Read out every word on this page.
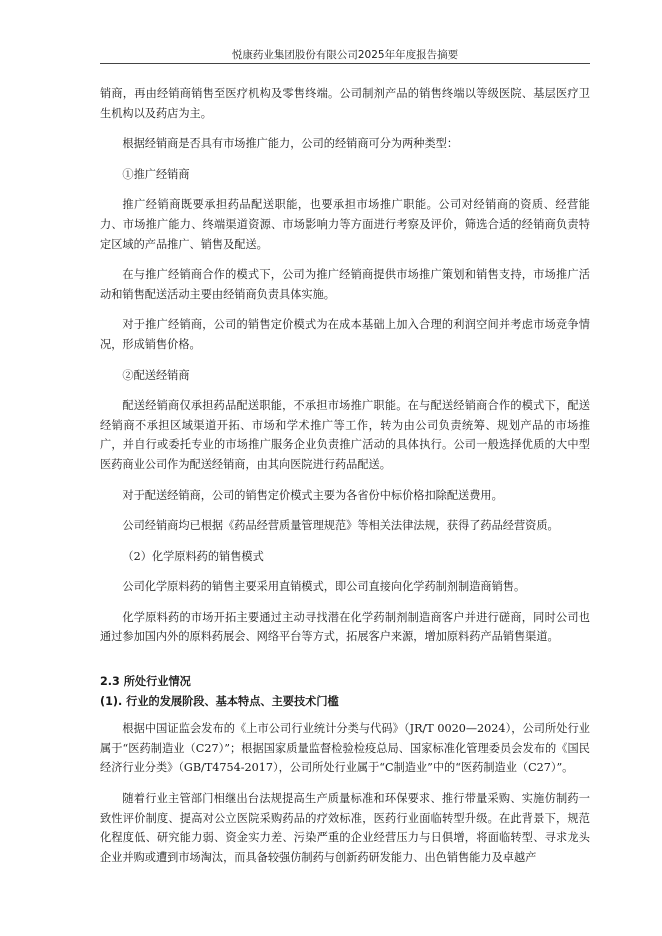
悦康药业集团股份有限公司2025年年度报告摘要

销商，再由经销商销售至医疗机构及零售终端。公司制剂产品的销售终端以等级医院、基层医疗卫生机构以及药店为主。

根据经销商是否具有市场推广能力，公司的经销商可分为两种类型：

①推广经销商

推广经销商既要承担药品配送职能，也要承担市场推广职能。公司对经销商的资质、经营能力、市场推广能力、终端渠道资源、市场影响力等方面进行考察及评价，筛选合适的经销商负责特定区域的产品推广、销售及配送。

在与推广经销商合作的模式下，公司为推广经销商提供市场推广策划和销售支持，市场推广活动和销售配送活动主要由经销商负责具体实施。

对于推广经销商，公司的销售定价模式为在成本基础上加入合理的利润空间并考虑市场竞争情况，形成销售价格。

②配送经销商

配送经销商仅承担药品配送职能，不承担市场推广职能。在与配送经销商合作的模式下，配送经销商不承担区域渠道开拓、市场和学术推广等工作，转为由公司负责统筹、规划产品的市场推广，并自行或委托专业的市场推广服务企业负责推广活动的具体执行。公司一般选择优质的大中型医药商业公司作为配送经销商，由其向医院进行药品配送。

对于配送经销商，公司的销售定价模式主要为各省份中标价格扣除配送费用。

公司经销商均已根据《药品经营质量管理规范》等相关法律法规，获得了药品经营资质。

（2）化学原料药的销售模式

公司化学原料药的销售主要采用直销模式，即公司直接向化学药制剂制造商销售。

化学原料药的市场开拓主要通过主动寻找潜在化学药制剂制造商客户并进行磋商，同时公司也通过参加国内外的原料药展会、网络平台等方式，拓展客户来源，增加原料药产品销售渠道。

2.3 所处行业情况

(1). 行业的发展阶段、基本特点、主要技术门槛

根据中国证监会发布的《上市公司行业统计分类与代码》（JR/T 0020—2024），公司所处行业属于“医药制造业（C27）”；根据国家质量监督检验检疫总局、国家标准化管理委员会发布的《国民经济行业分类》（GB/T4754-2017），公司所处行业属于“C制造业”中的“医药制造业（C27）”。

随着行业主管部门相继出台法规提高生产质量标准和环保要求、推行带量采购、实施仿制药一致性评价制度、提高对公立医院采购药品的疗效标准，医药行业面临转型升级。在此背景下，规范化程度低、研究能力弱、资金实力差、污染严重的企业经营压力与日俱增，将面临转型、寻求龙头企业并购或遭到市场淘汰，而具备较强仿制药与创新药研发能力、出色销售能力及卓越产
